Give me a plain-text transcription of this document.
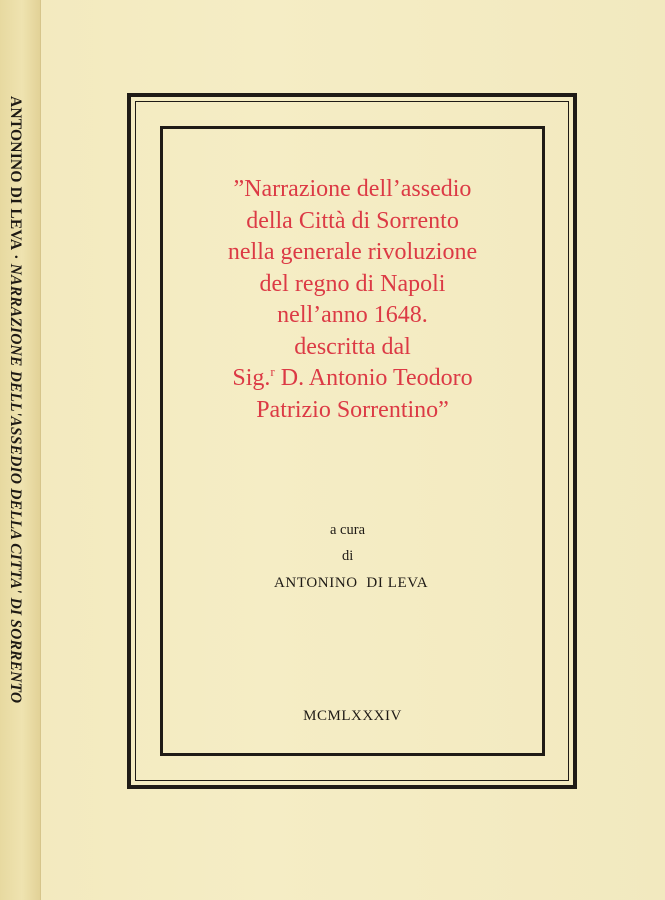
ANTONINO DI LEVA · NARRAZIONE DELL'ASSEDIO DELLA CITTA' DI SORRENTO
”Narrazione dell’assedio
della Città di Sorrento
nella generale rivoluzione
del regno di Napoli
nell’anno 1648.
descritta dal
Sig.$^r$ D. Antonio Teodoro
Patrizio Sorrentino”
a cura
di
ANTONINO  DI LEVA
MCMLXXXIV
